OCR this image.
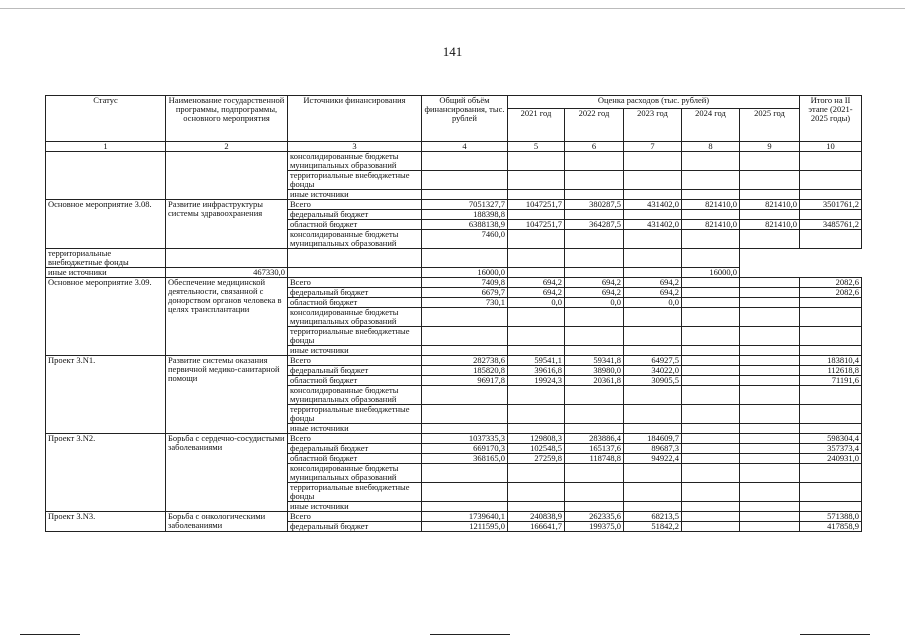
141
Статус	Наименование государственной программы, подпрограммы, основного мероприятия	Источники финансирования	Общий объём финансирования, тыс. рублей	Оценка расходов (тыс. рублей)					Итого на II этапе (2021-2025 годы)
				2021 год	2022 год	2023 год	2024 год	2025 год	
1	2	3	4	5	6	7	8	9	10
		консолидированные бюджеты муниципальных образований							
		территориальные внебюджетные фонды							
		иные источники							
Основное мероприятие 3.08.	Развитие инфраструктуры системы здравоохранения	Всего	7051327,7	1047251,7	380287,5	431402,0	821410,0	821410,0	3501761,2
		федеральный бюджет	188398,8						
		областной бюджет	6388138,9	1047251,7	364287,5	431402,0	821410,0	821410,0	3485761,2
		консолидированные бюджеты муниципальных образований	7460,0						
территориальные внебюджетные фонды									
иные источники	467330,0		16000,0				16000,0		
Основное мероприятие 3.09.	Обеспечение медицинской деятельности, связанной с донорством органов человека в целях трансплантации	Всего	7409,8	694,2	694,2	694,2			2082,6
		федеральный бюджет	6679,7	694,2	694,2	694,2			2082,6
		областной бюджет	730,1	0,0	0,0	0,0			
		консолидированные бюджеты муниципальных образований							
		территориальные внебюджетные фонды							
		иные источники							
Проект 3.N1.	Развитие системы оказания первичной медико-санитарной помощи	Всего	282738,6	59541,1	59341,8	64927,5			183810,4
		федеральный бюджет	185820,8	39616,8	38980,0	34022,0			112618,8
		областной бюджет	96917,8	19924,3	20361,8	30905,5			71191,6
		консолидированные бюджеты муниципальных образований							
		территориальные внебюджетные фонды							
		иные источники							
Проект 3.N2.	Борьба с сердечно-сосудистыми заболеваниями	Всего	1037335,3	129808,3	283886,4	184609,7			598304,4
		федеральный бюджет	669170,3	102548,5	165137,6	89687,3			357373,4
		областной бюджет	368165,0	27259,8	118748,8	94922,4			240931,0
		консолидированные бюджеты муниципальных образований							
		территориальные внебюджетные фонды							
		иные источники							
Проект 3.N3.	Борьба с онкологическими заболеваниями	Всего	1739640,1	240838,9	262335,6	68213,5			571388,0
		федеральный бюджет	1211595,0	166641,7	199375,0	51842,2			417858,9
